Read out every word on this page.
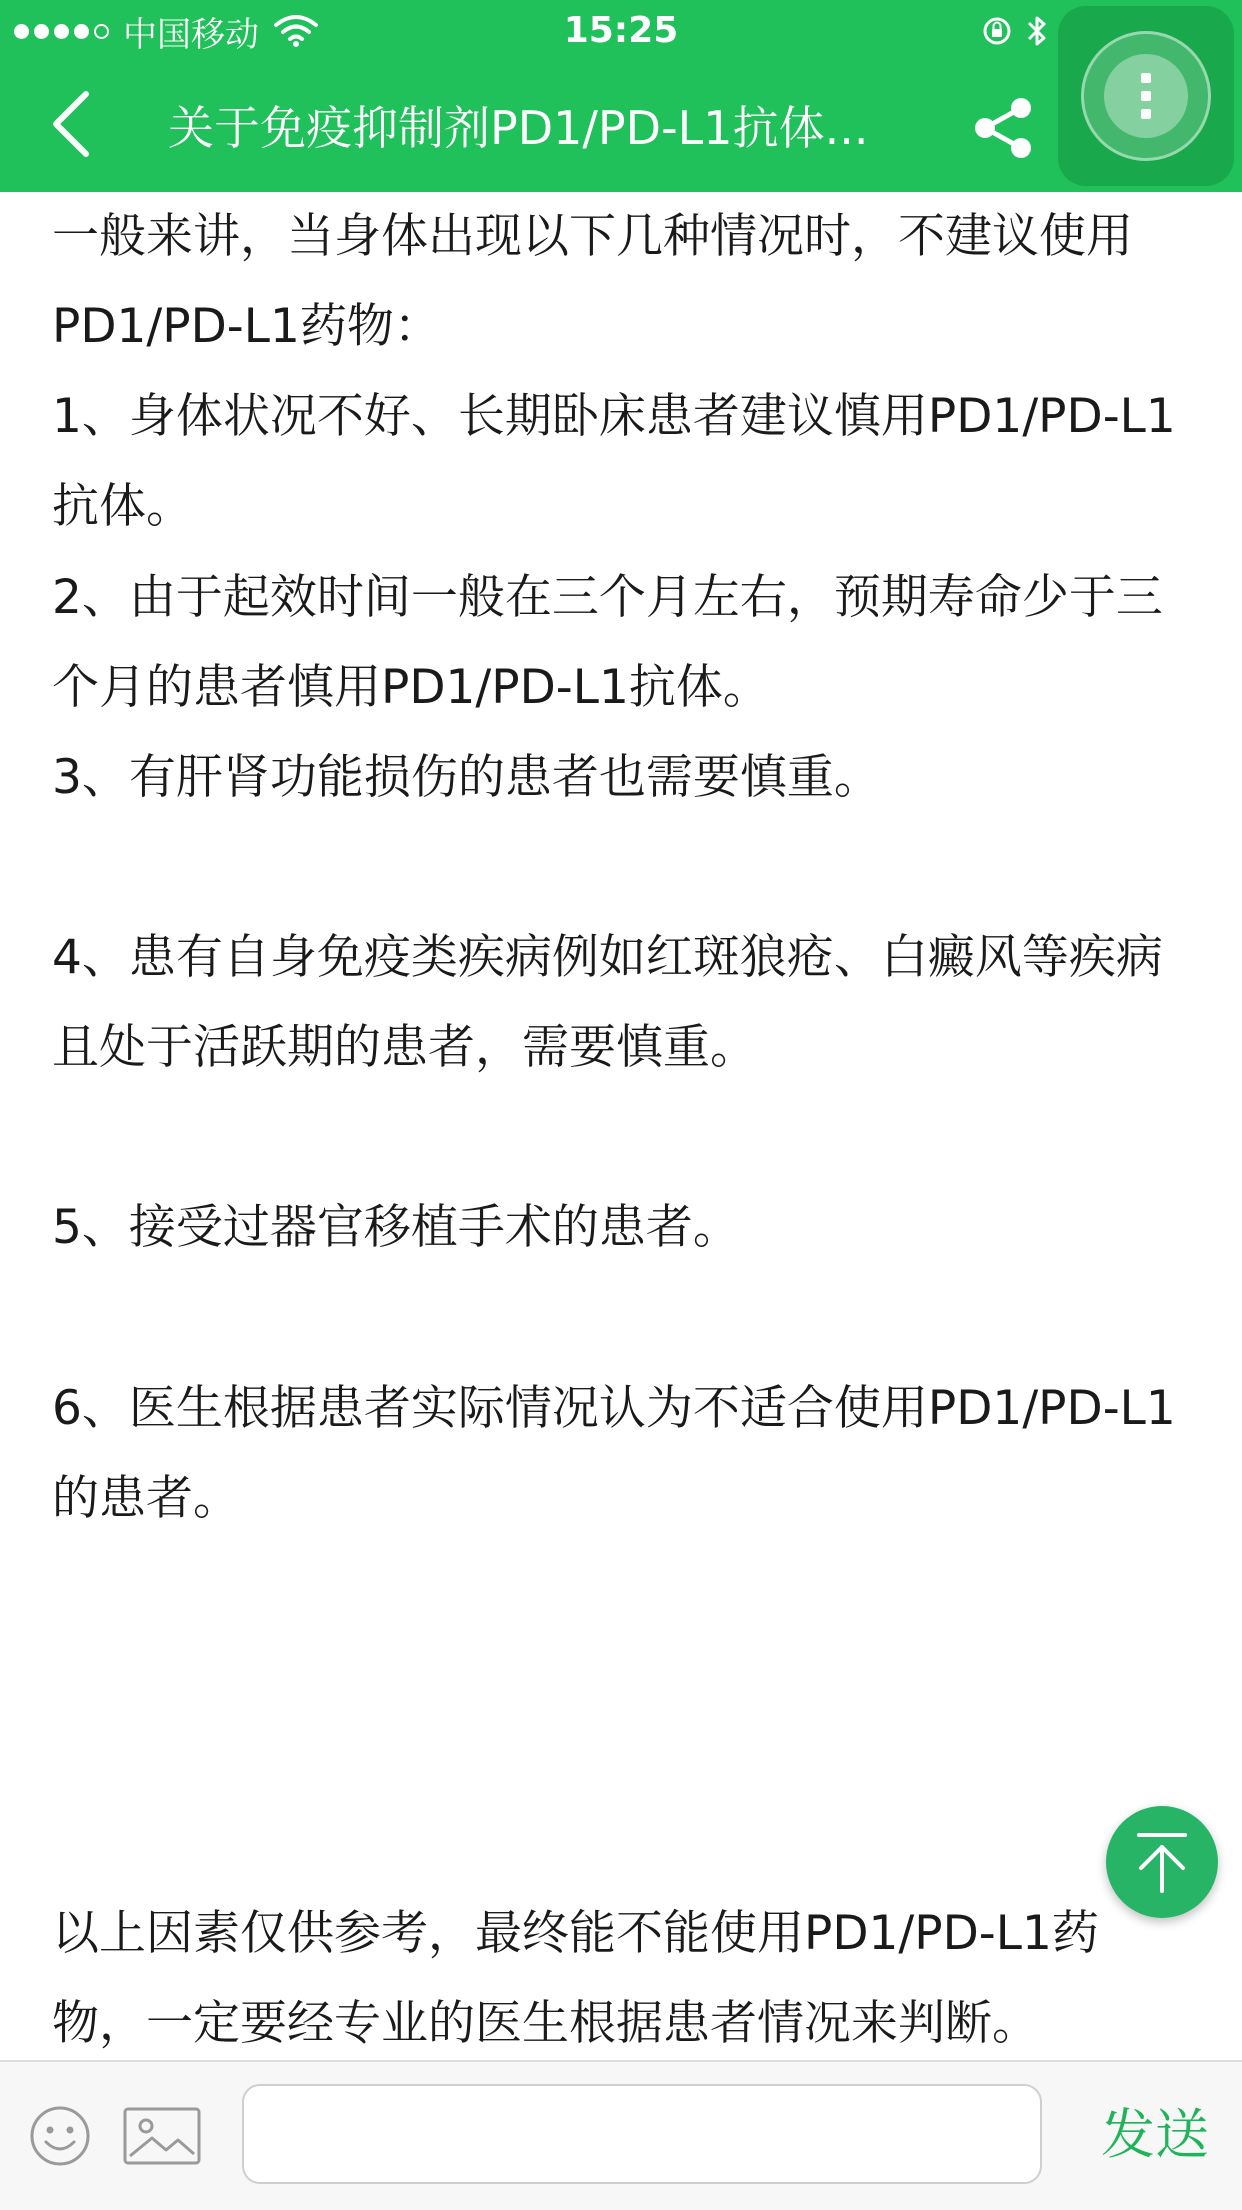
中国移动	15:25
关于免疫抑制剂PD1/PD-L1抗体...
一般来讲，当身体出现以下几种情况时，不建议使用PD1/PD-L1药物：
1、身体状况不好、长期卧床患者建议慎用PD1/PD-L1抗体。
2、由于起效时间一般在三个月左右，预期寿命少于三个月的患者慎用PD1/PD-L1抗体。
3、有肝肾功能损伤的患者也需要慎重。
4、患有自身免疫类疾病例如红斑狼疮、白癜风等疾病且处于活跃期的患者，需要慎重。
5、接受过器官移植手术的患者。
6、医生根据患者实际情况认为不适合使用PD1/PD-L1的患者。
以上因素仅供参考，最终能不能使用PD1/PD-L1药物，一定要经专业的医生根据患者情况来判断。
发送
